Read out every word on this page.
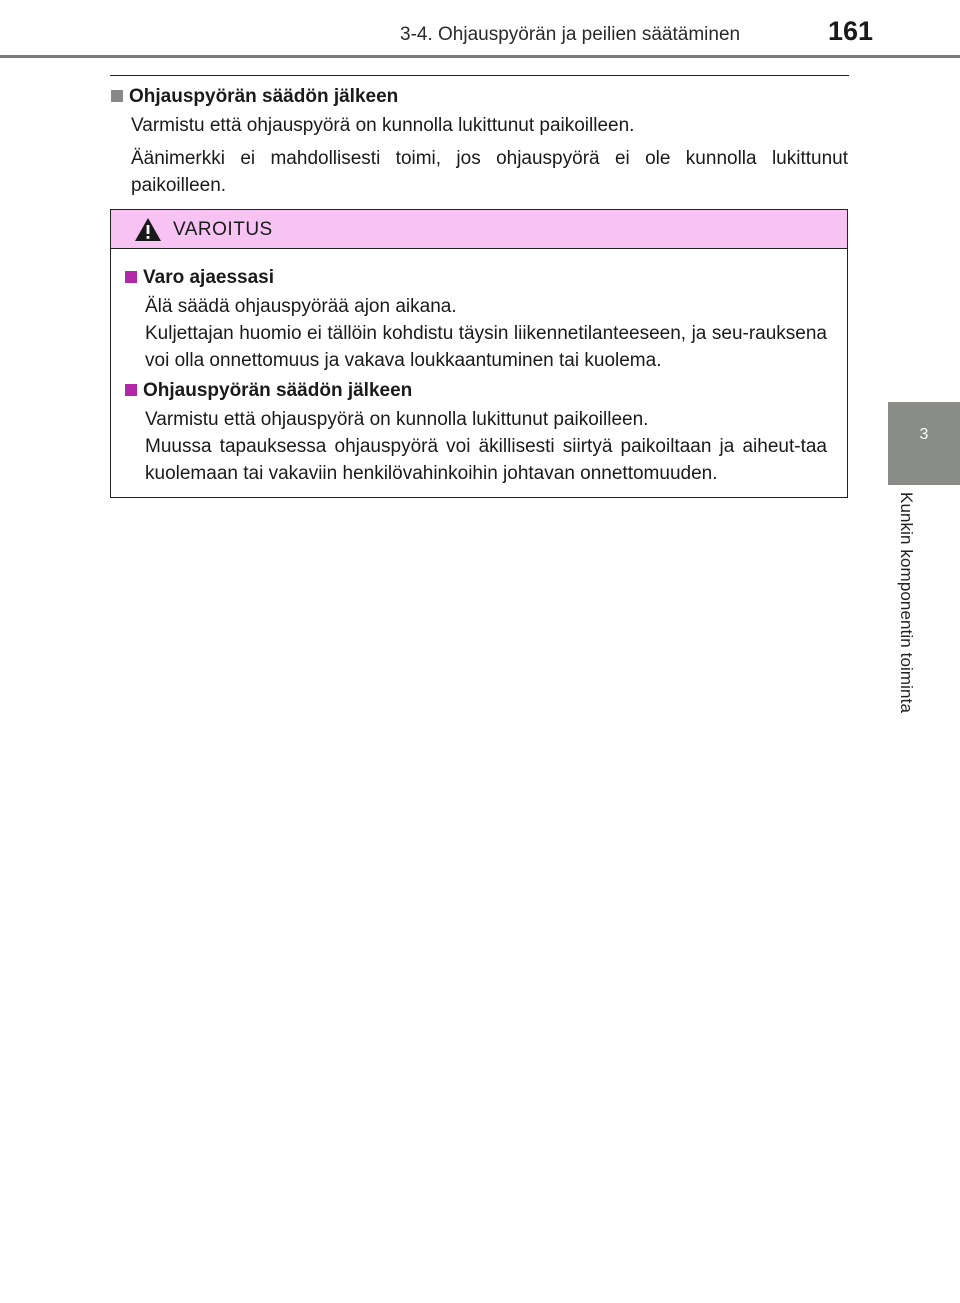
3-4. Ohjauspyörän ja peilien säätäminen	161
3
Kunkin komponentin toiminta

Ohjauspyörän säädön jälkeen

Varmistu että ohjauspyörä on kunnolla lukittunut paikoilleen.

Äänimerkki ei mahdollisesti toimi, jos ohjauspyörä ei ole kunnolla lukittunut paikoilleen.

VAROITUS

Varo ajaessasi

Älä säädä ohjauspyörää ajon aikana.

Kuljettajan huomio ei tällöin kohdistu täysin liikennetilanteeseen, ja seu-rauksena voi olla onnettomuus ja vakava loukkaantuminen tai kuolema.

Ohjauspyörän säädön jälkeen

Varmistu että ohjauspyörä on kunnolla lukittunut paikoilleen.

Muussa tapauksessa ohjauspyörä voi äkillisesti siirtyä paikoiltaan ja aiheut-taa kuolemaan tai vakaviin henkilövahinkoihin johtavan onnettomuuden.
